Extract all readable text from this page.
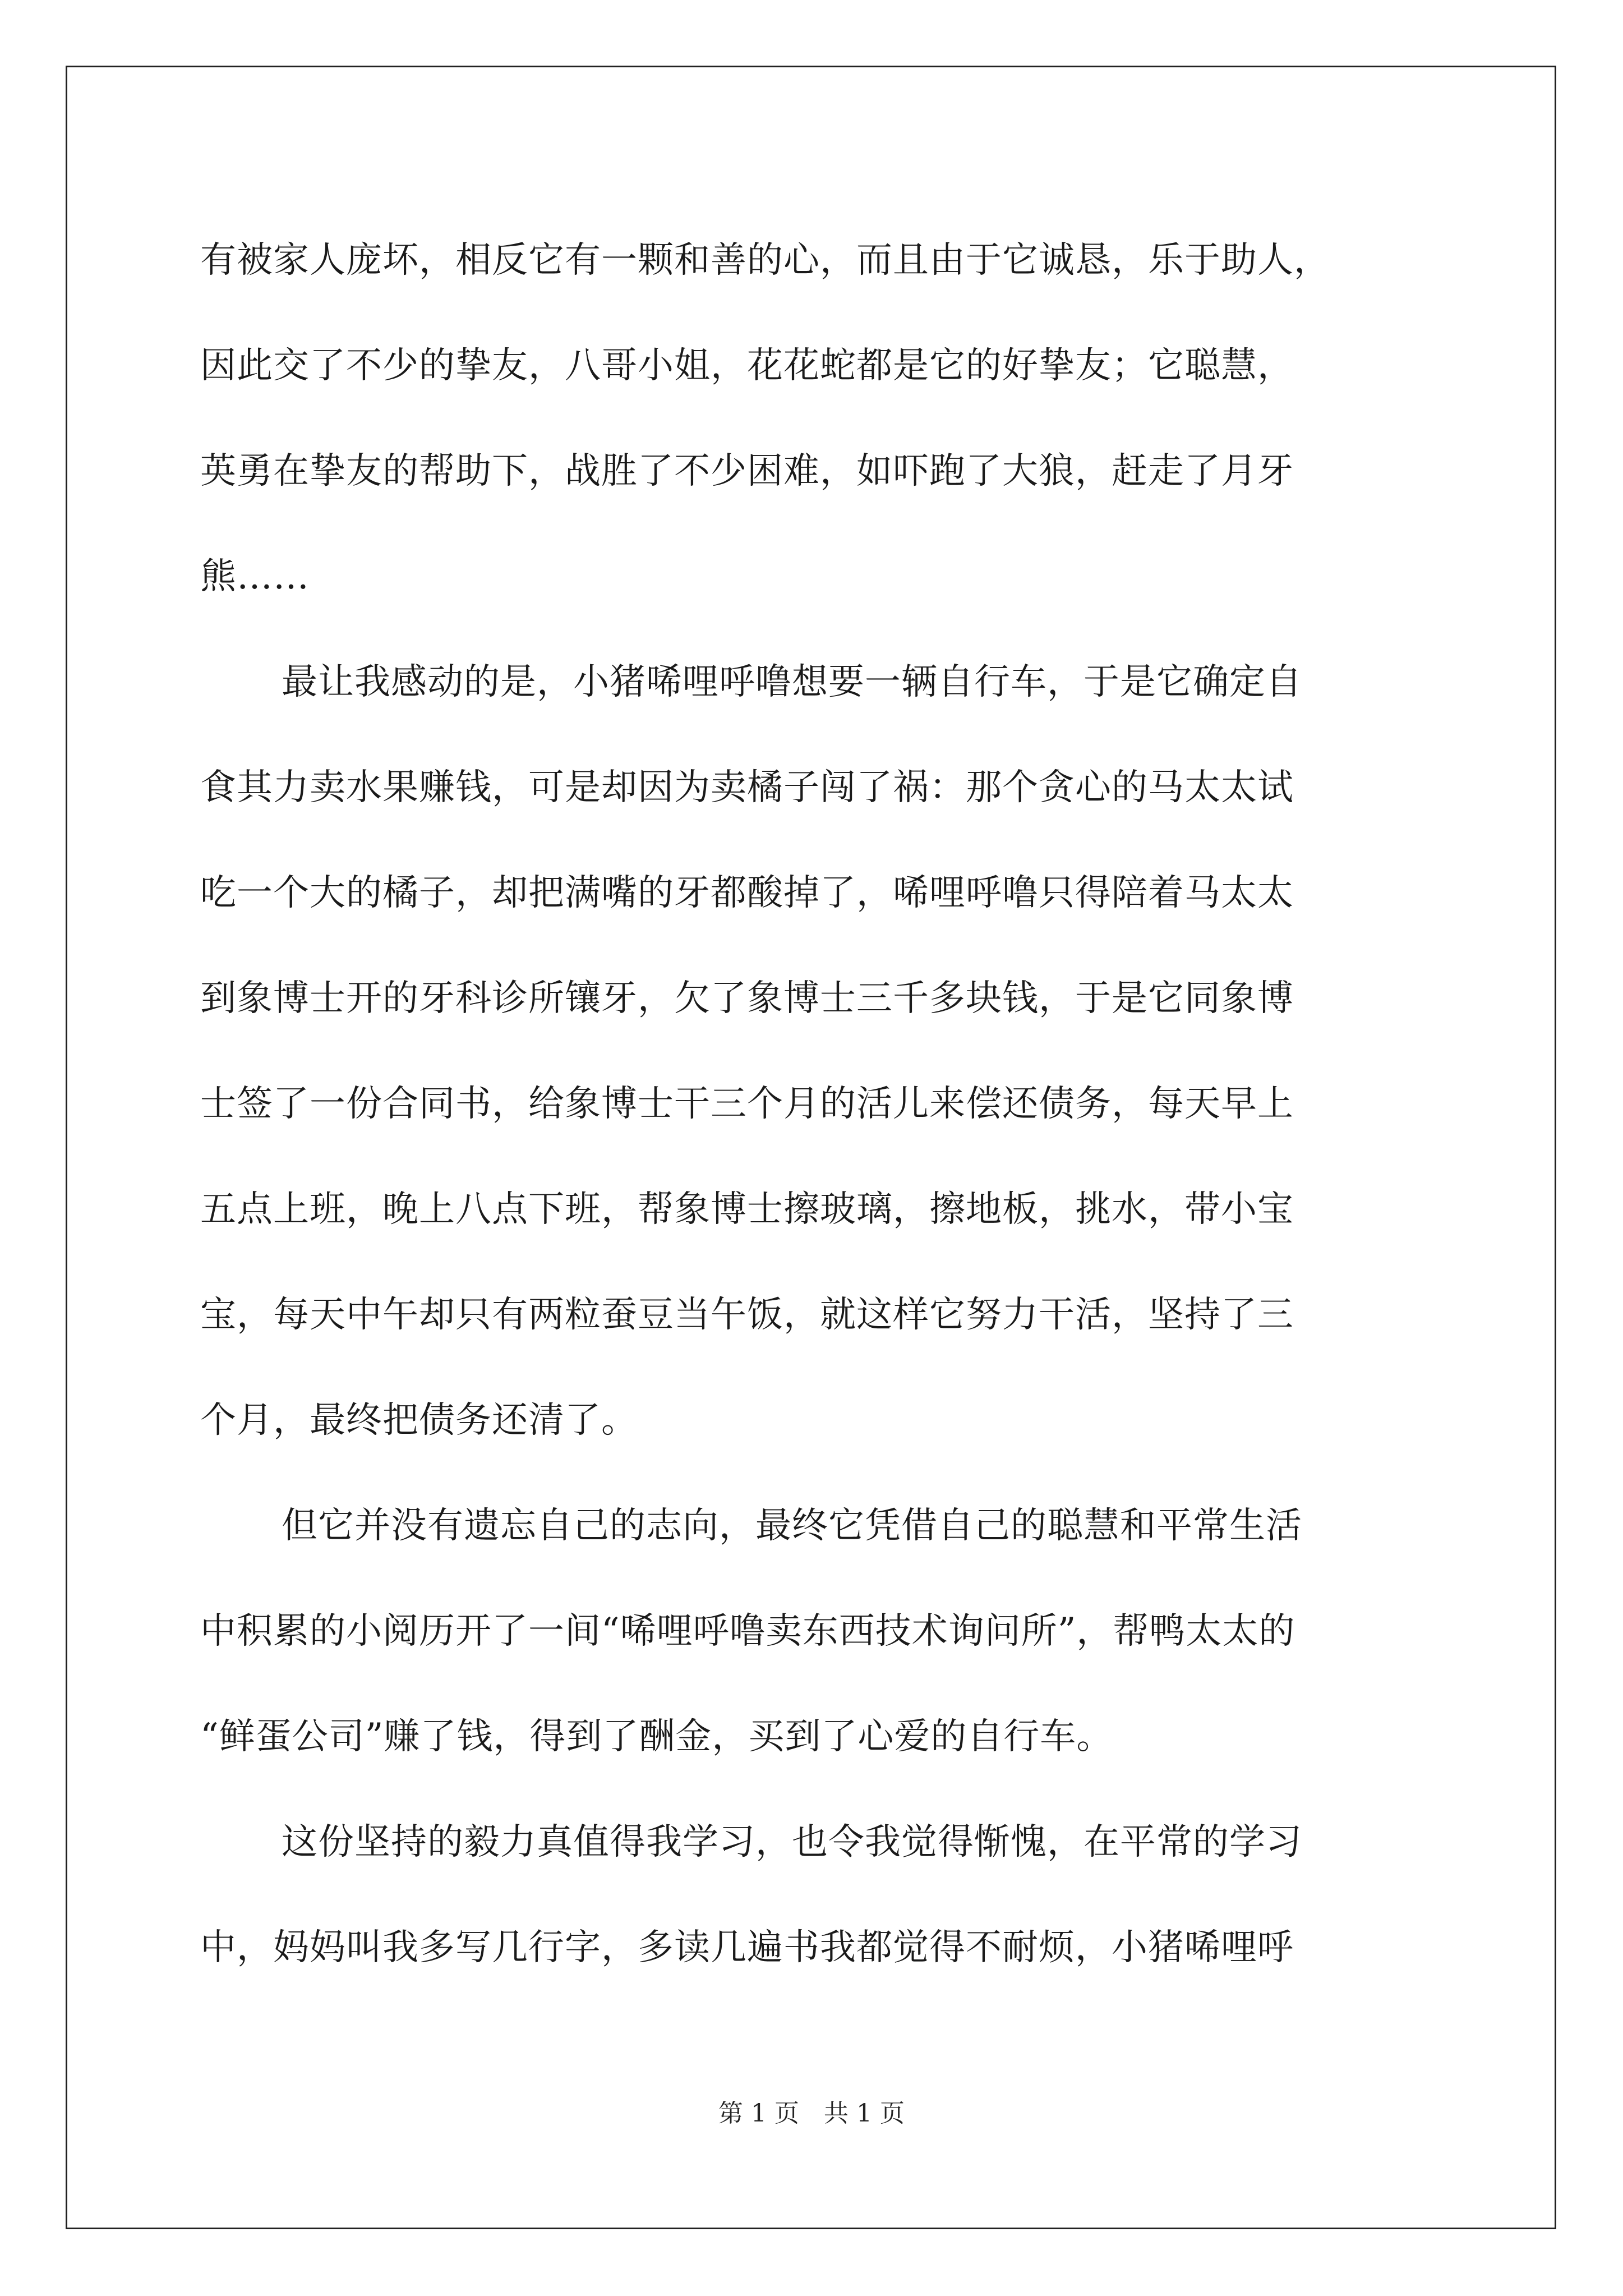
有被家人庞坏，相反它有一颗和善的心，而且由于它诚恳，乐于助人，
因此交了不少的挚友，八哥小姐，花花蛇都是它的好挚友；它聪慧，
英勇在挚友的帮助下，战胜了不少困难，如吓跑了大狼，赶走了月牙
熊……
最让我感动的是，小猪唏哩呼噜想要一辆自行车，于是它确定自
食其力卖水果赚钱，可是却因为卖橘子闯了祸：那个贪心的马太太试
吃一个大的橘子，却把满嘴的牙都酸掉了，唏哩呼噜只得陪着马太太
到象博士开的牙科诊所镶牙，欠了象博士三千多块钱，于是它同象博
士签了一份合同书，给象博士干三个月的活儿来偿还债务，每天早上
五点上班，晚上八点下班，帮象博士擦玻璃，擦地板，挑水，带小宝
宝，每天中午却只有两粒蚕豆当午饭，就这样它努力干活，坚持了三
个月，最终把债务还清了。
但它并没有遗忘自己的志向，最终它凭借自己的聪慧和平常生活
中积累的小阅历开了一间“唏哩呼噜卖东西技术询问所”，帮鸭太太的
“鲜蛋公司”赚了钱，得到了酬金，买到了心爱的自行车。
这份坚持的毅力真值得我学习，也令我觉得惭愧，在平常的学习
中，妈妈叫我多写几行字，多读几遍书我都觉得不耐烦，小猪唏哩呼
第 1 页　共 1 页
